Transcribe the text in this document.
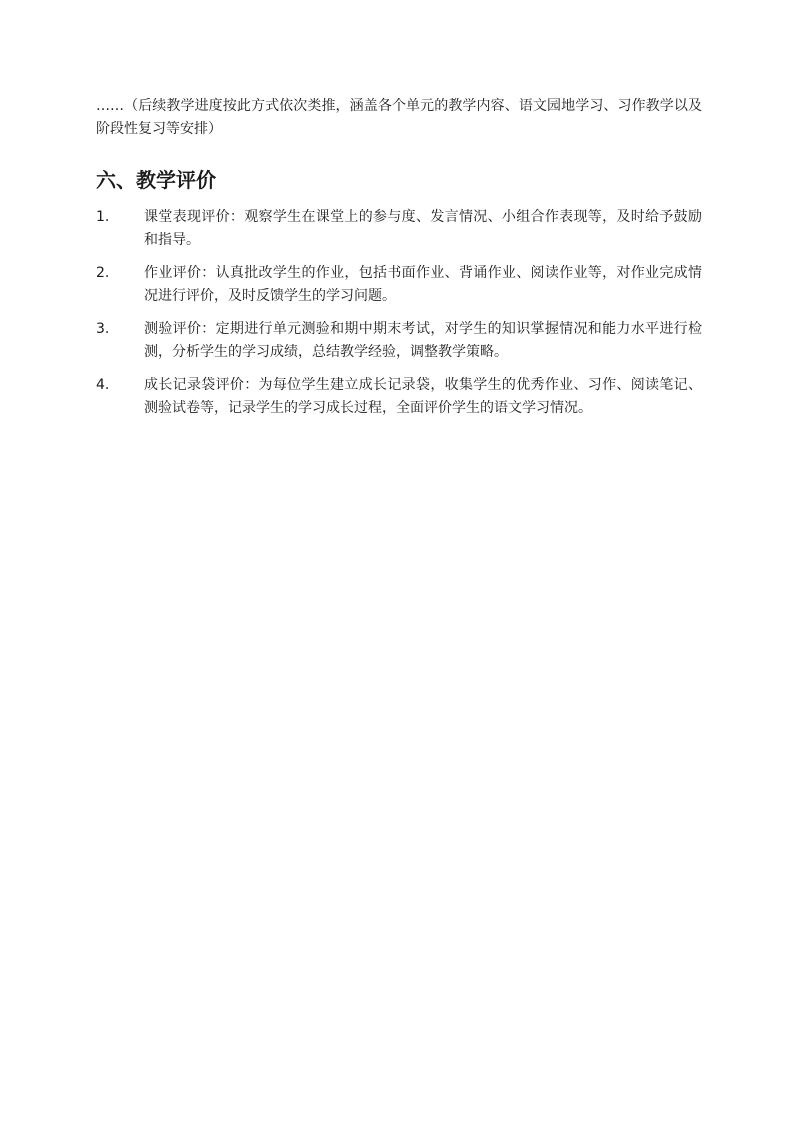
……（后续教学进度按此方式依次类推，涵盖各个单元的教学内容、语文园地学习、习作教学以及阶段性复习等安排）

六、教学评价
1.	课堂表现评价：观察学生在课堂上的参与度、发言情况、小组合作表现等，及时给予鼓励和指导。
2.	作业评价：认真批改学生的作业，包括书面作业、背诵作业、阅读作业等，对作业完成情况进行评价，及时反馈学生的学习问题。
3.	测验评价：定期进行单元测验和期中期末考试，对学生的知识掌握情况和能力水平进行检测，分析学生的学习成绩，总结教学经验，调整教学策略。
4.	成长记录袋评价：为每位学生建立成长记录袋，收集学生的优秀作业、习作、阅读笔记、测验试卷等，记录学生的学习成长过程，全面评价学生的语文学习情况。
